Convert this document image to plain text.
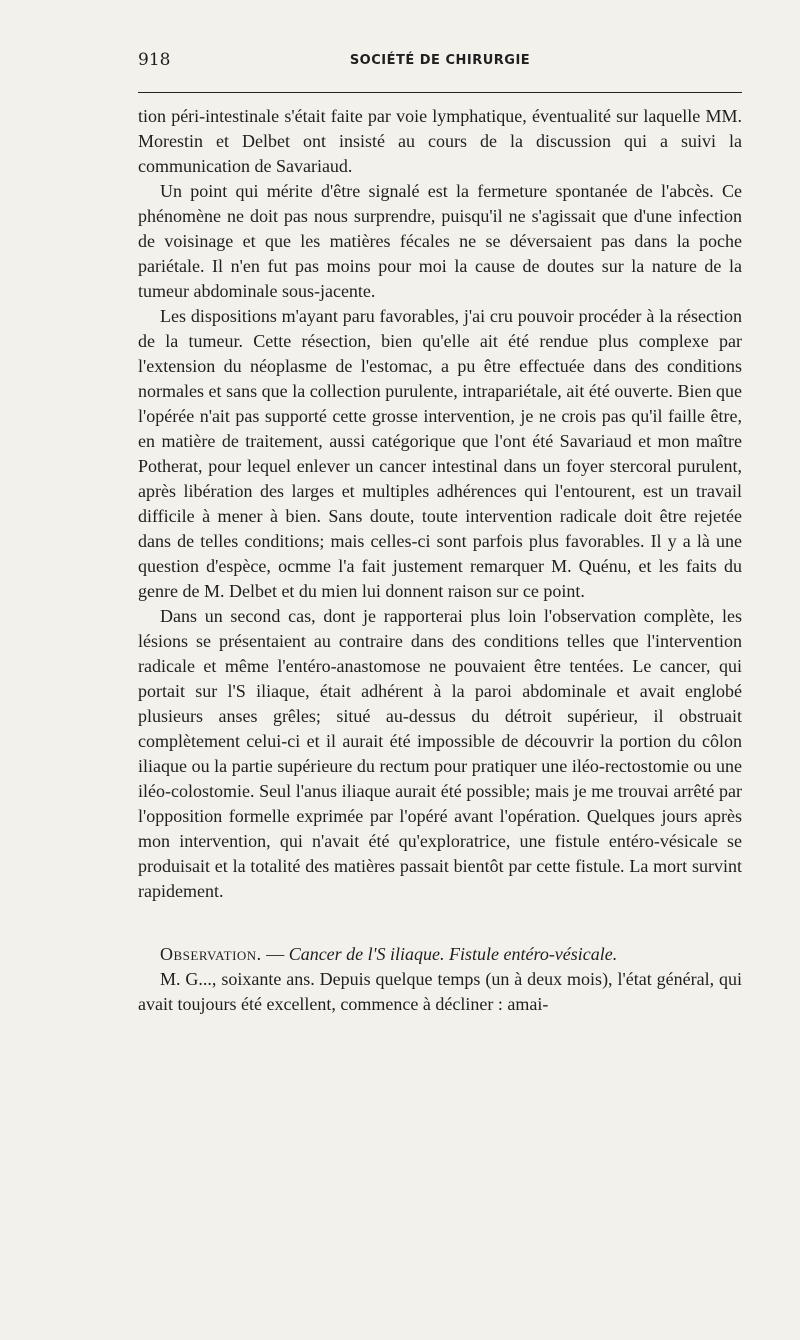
918	SOCIÉTÉ DE CHIRURGIE

tion péri-intestinale s'était faite par voie lymphatique, éventualité sur laquelle MM. Morestin et Delbet ont insisté au cours de la discussion qui a suivi la communication de Savariaud.

Un point qui mérite d'être signalé est la fermeture spontanée de l'abcès. Ce phénomène ne doit pas nous surprendre, puisqu'il ne s'agissait que d'une infection de voisinage et que les matières fécales ne se déversaient pas dans la poche pariétale. Il n'en fut pas moins pour moi la cause de doutes sur la nature de la tumeur abdominale sous-jacente.

Les dispositions m'ayant paru favorables, j'ai cru pouvoir procéder à la résection de la tumeur. Cette résection, bien qu'elle ait été rendue plus complexe par l'extension du néoplasme de l'estomac, a pu être effectuée dans des conditions normales et sans que la collection purulente, intrapariétale, ait été ouverte. Bien que l'opérée n'ait pas supporté cette grosse intervention, je ne crois pas qu'il faille être, en matière de traitement, aussi catégorique que l'ont été Savariaud et mon maître Potherat, pour lequel enlever un cancer intestinal dans un foyer stercoral purulent, après libération des larges et multiples adhérences qui l'entourent, est un travail difficile à mener à bien. Sans doute, toute intervention radicale doit être rejetée dans de telles conditions; mais celles-ci sont parfois plus favorables. Il y a là une question d'espèce, ocmme l'a fait justement remarquer M. Quénu, et les faits du genre de M. Delbet et du mien lui donnent raison sur ce point.

Dans un second cas, dont je rapporterai plus loin l'observation complète, les lésions se présentaient au contraire dans des conditions telles que l'intervention radicale et même l'entéro-anastomose ne pouvaient être tentées. Le cancer, qui portait sur l'S iliaque, était adhérent à la paroi abdominale et avait englobé plusieurs anses grêles; situé au-dessus du détroit supérieur, il obstruait complètement celui-ci et il aurait été impossible de découvrir la portion du côlon iliaque ou la partie supérieure du rectum pour pratiquer une iléo-rectostomie ou une iléo-colostomie. Seul l'anus iliaque aurait été possible; mais je me trouvai arrêté par l'opposition formelle exprimée par l'opéré avant l'opération. Quelques jours après mon intervention, qui n'avait été qu'exploratrice, une fistule entéro-vésicale se produisait et la totalité des matières passait bientôt par cette fistule. La mort survint rapidement.

Observation. — Cancer de l'S iliaque. Fistule entéro-vésicale.

M. G..., soixante ans. Depuis quelque temps (un à deux mois), l'état général, qui avait toujours été excellent, commence à décliner : amai-
